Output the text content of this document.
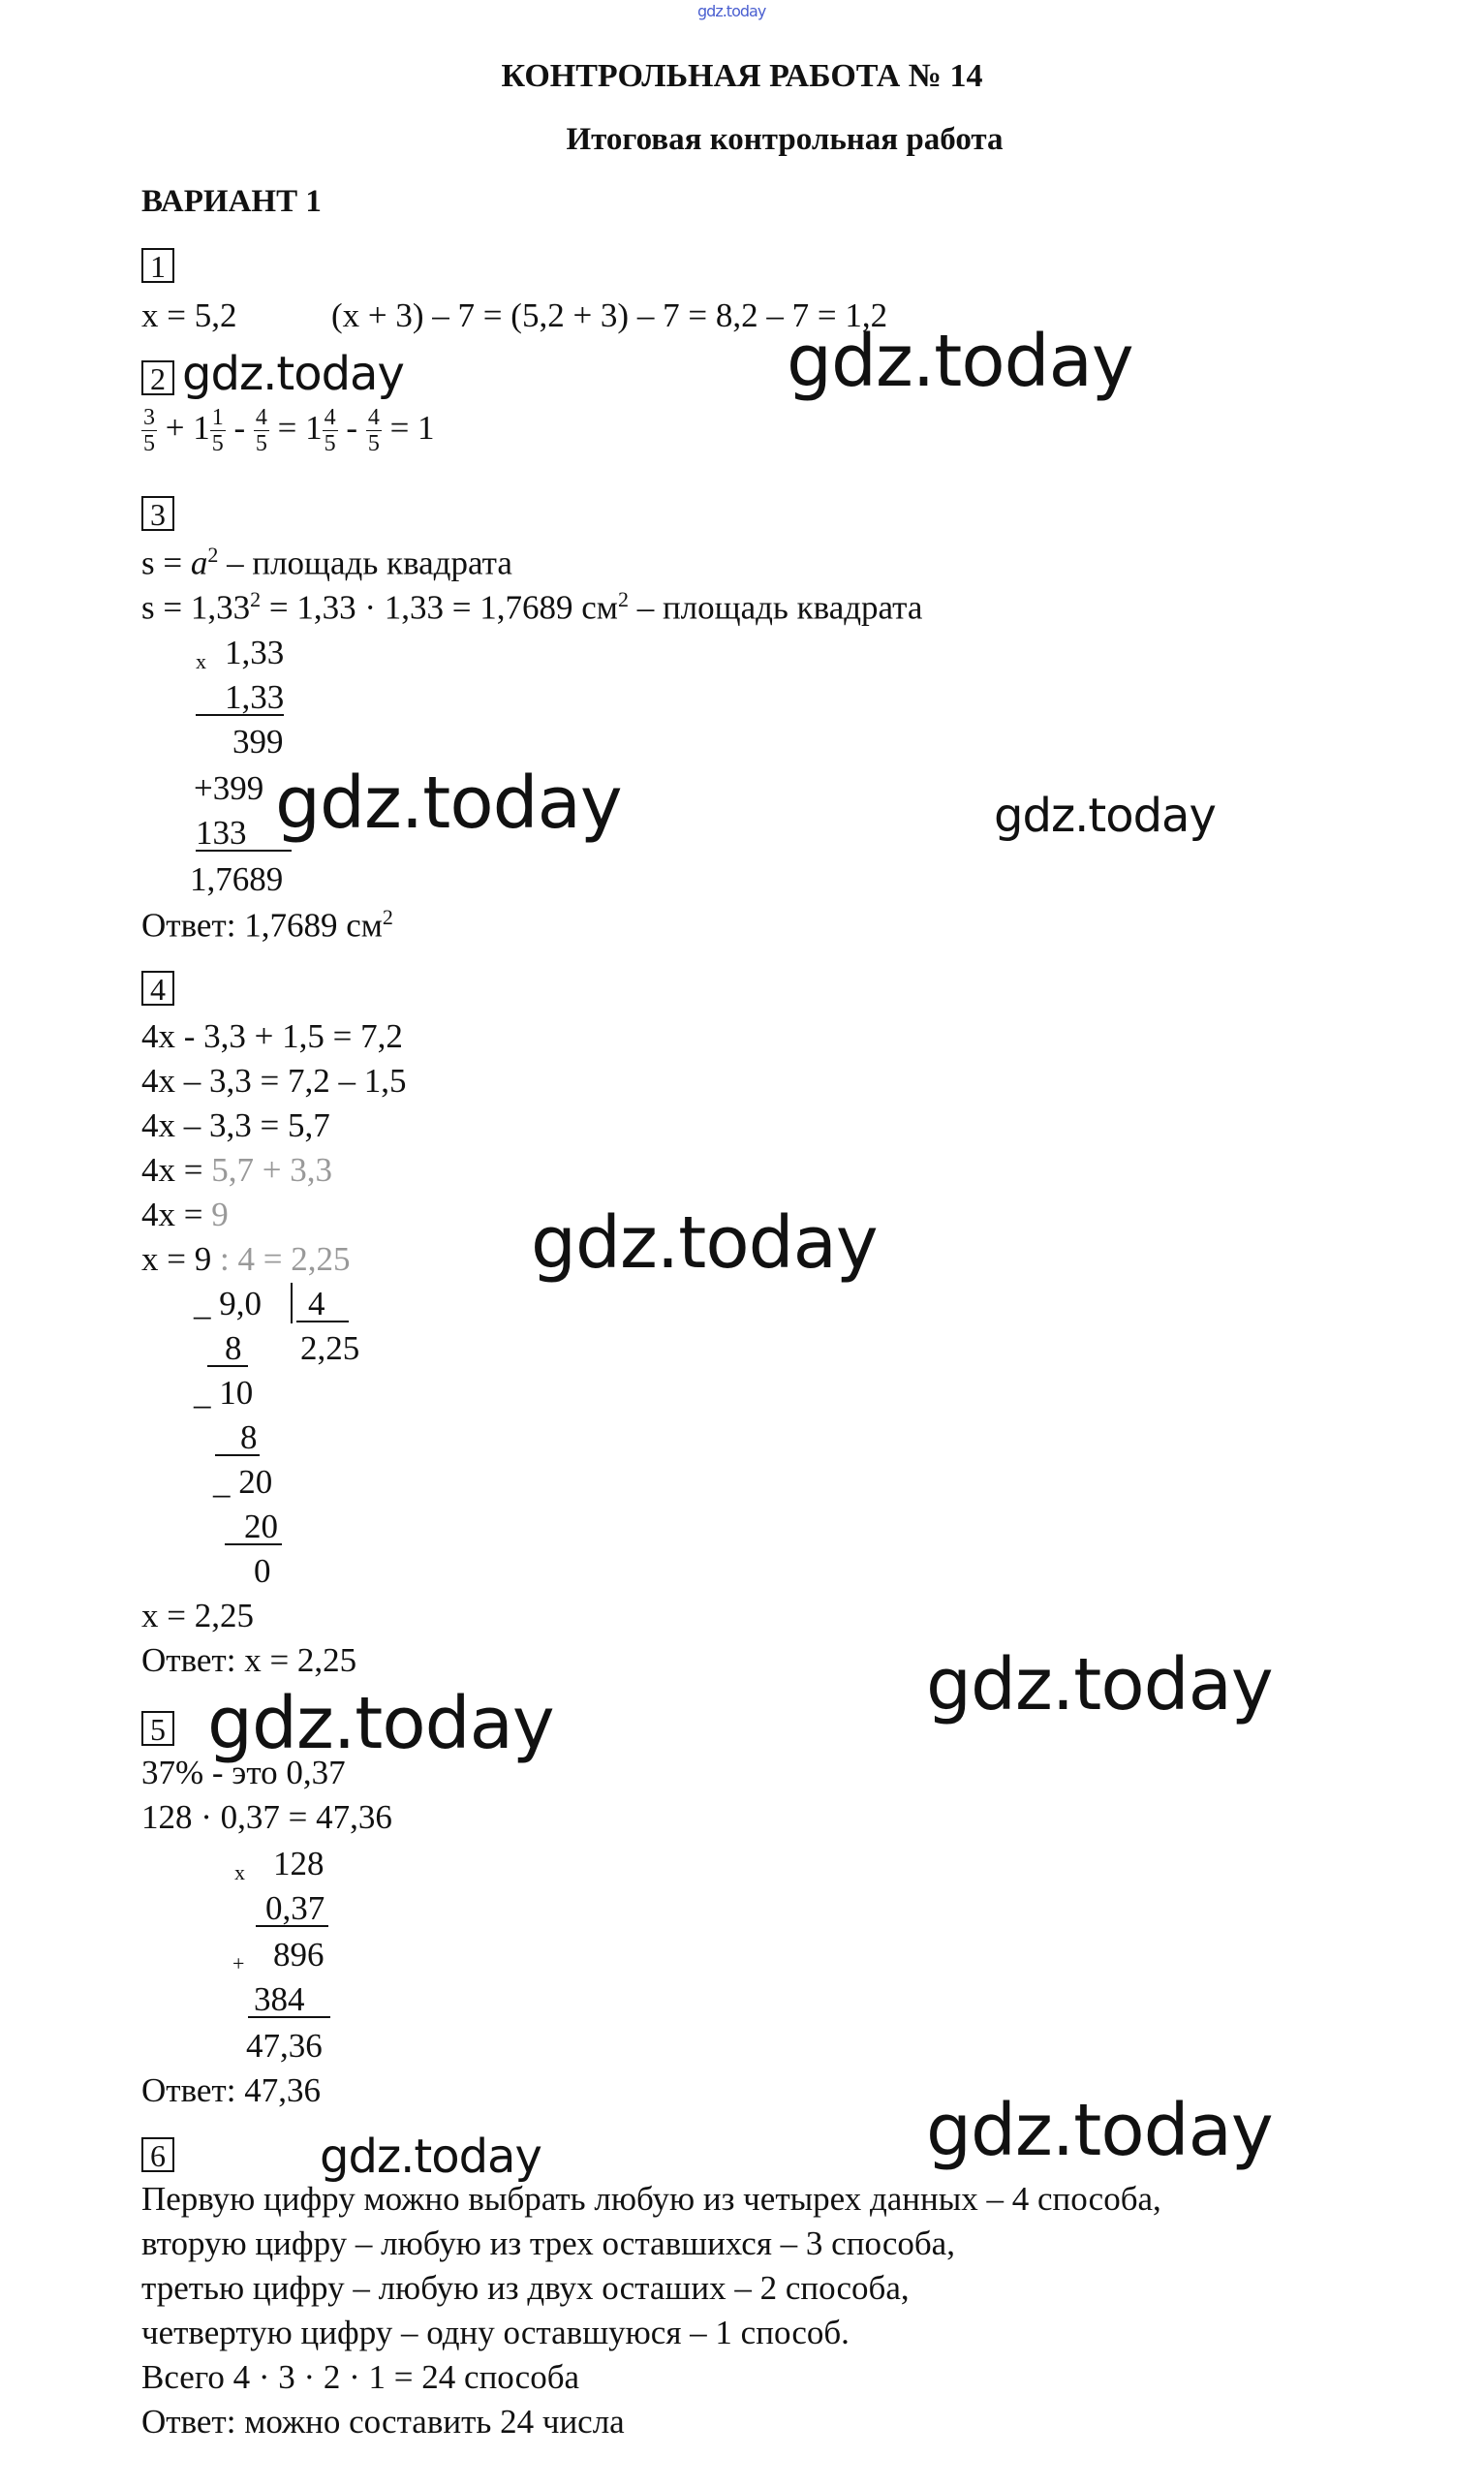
gdz.today
КОНТРОЛЬНАЯ РАБОТА № 14
Итоговая контрольная работа
ВАРИАНТ 1
1
x = 5,2	(x + 3) – 7 = (5,2 + 3) – 7 = 8,2 – 7 = 1,2
2 gdz.today	gdz.today
$\frac{3}{5} + 1 \frac{1}{5} - \frac{4}{5} = 1 \frac{4}{5} - \frac{4}{5} = 1$
3
$s = a^2$ – площадь квадрата
$s = 1,33^2 = 1,33 \cdot 1,33 = 1,7689$ $см^2$ – площадь квадрата
x 1,33
1,33
399
+399
133
1,7689
gdz.today	gdz.today
Ответ: 1,7689 $см^2$
4
4x - 3,3 + 1,5 = 7,2
4x – 3,3 = 7,2 – 1,5
4x – 3,3 = 5,7
4x = 5,7 + 3,3
4x = 9
x = 9 : 4 = 2,25	gdz.today
_ 9,0	4
8 2,25
_ 10
8
_ 20
20
0
x = 2,25
Ответ: x = 2,25	gdz.today
5 gdz.today
37% - это 0,37
128 · 0,37 = 47,36
x 128
0,37
+ 896
384
47,36
Ответ: 47,36	gdz.today
6	gdz.today
Первую цифру можно выбрать любую из четырех данных – 4 способа,
вторую цифру – любую из трех оставшихся – 3 способа,
третью цифру – любую из двух осташих – 2 способа,
четвертую цифру – одну оставшуюся – 1 способ.
Всего 4 · 3 · 2 · 1 = 24 способа
Ответ: можно составить 24 числа
